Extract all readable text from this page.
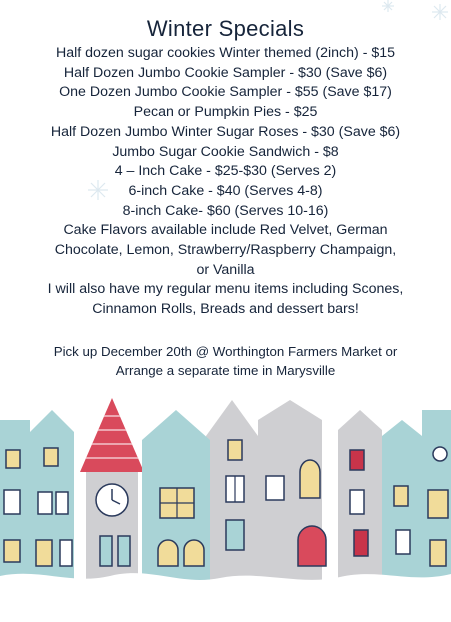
Winter Specials
Half dozen sugar cookies Winter themed (2inch) - $15
Half Dozen Jumbo Cookie Sampler - $30 (Save $6)
One Dozen Jumbo Cookie Sampler - $55 (Save $17)
Pecan or Pumpkin Pies - $25
Half Dozen Jumbo Winter Sugar Roses - $30 (Save $6)
Jumbo Sugar Cookie Sandwich - $8
4 – Inch Cake - $25-$30 (Serves 2)
6-inch Cake - $40 (Serves 4-8)
8-inch Cake- $60 (Serves 10-16)
Cake Flavors available include Red Velvet, German
Chocolate, Lemon, Strawberry/Raspberry Champaign,
or Vanilla
I will also have my regular menu items including Scones,
Cinnamon Rolls, Breads and dessert bars!
Pick up December 20th @ Worthington Farmers Market or
Arrange a separate time in Marysville
